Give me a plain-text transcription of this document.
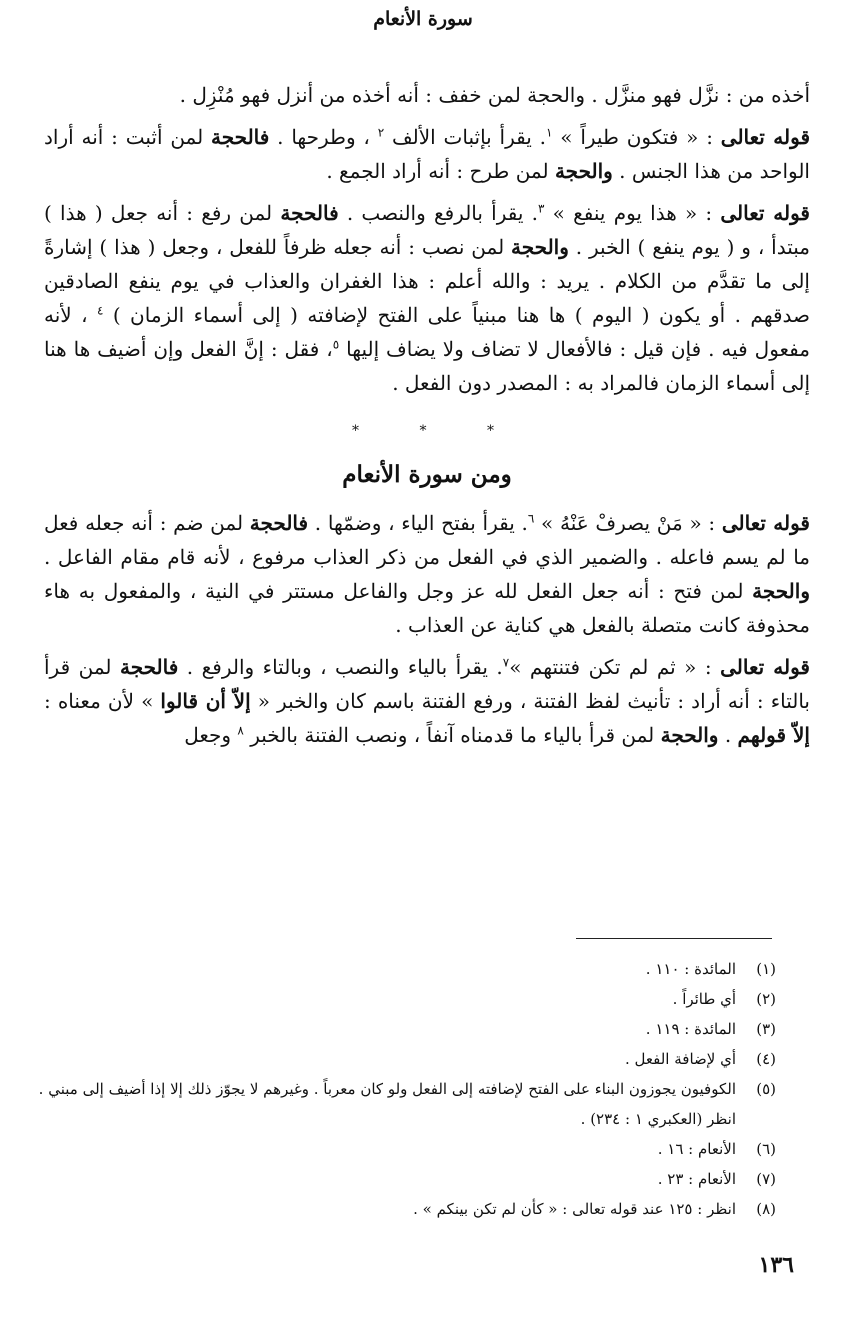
سورة الأنعام

أخذه من : نزَّل فهو منزَّل . والحجة لمن خفف : أنه أخذه من أنزل فهو مُنْزِل .

قوله تعالى : « فتكون طيراً » $^١$. يقرأ بإثبات الألف $^٢$ ، وطرحها . فالحجة لمن أثبت : أنه أراد الواحد من هذا الجنس . والحجة لمن طرح : أنه أراد الجمع .

قوله تعالى : « هذا يوم ينفع » $^٣$. يقرأ بالرفع والنصب . فالحجة لمن رفع : أنه جعل ( هذا ) مبتدأ ، و ( يوم ينفع ) الخبر . والحجة لمن نصب : أنه جعله ظرفاً للفعل ، وجعل ( هذا ) إشارةً إلى ما تقدَّم من الكلام . يريد : والله أعلم : هذا الغفران والعذاب في يوم ينفع الصادقين صدقهم . أو يكون ( اليوم ) ها هنا مبنياً على الفتح لإضافته ( إلى أسماء الزمان ) $^٤$ ، لأنه مفعول فيه . فإن قيل : فالأفعال لا تضاف ولا يضاف إليها $^٥$، فقل : إنَّ الفعل وإن أضيف ها هنا إلى أسماء الزمان فالمراد به : المصدر دون الفعل .

* * *
ومن سورة الأنعام

قوله تعالى : « مَنْ يصرفْ عَنْهُ » $^٦$. يقرأ بفتح الياء ، وضمّها . فالحجة لمن ضم : أنه جعله فعل ما لم يسم فاعله . والضمير الذي في الفعل من ذكر العذاب مرفوع ، لأنه قام مقام الفاعل . والحجة لمن فتح : أنه جعل الفعل لله عز وجل والفاعل مستتر في النية ، والمفعول به هاء محذوفة كانت متصلة بالفعل هي كناية عن العذاب .

قوله تعالى : « ثم لم تكن فتنتهم »$^٧$. يقرأ بالياء والنصب ، وبالتاء والرفع . فالحجة لمن قرأ بالتاء : أنه أراد : تأنيث لفظ الفتنة ، ورفع الفتنة باسم كان والخبر « إلاّ أن قالوا » لأن معناه : إلاّ قولهم . والحجة لمن قرأ بالياء ما قدمناه آنفاً ، ونصب الفتنة بالخبر $^٨$ وجعل

(١)
المائدة : ١١٠ .
(٢)
أي طائراً .
(٣)
المائدة : ١١٩ .
(٤)
أي لإضافة الفعل .
(٥)
الكوفيون يجوزون البناء على الفتح لإضافته إلى الفعل ولو كان معرباً . وغيرهم لا يجوّز ذلك إلا إذا أضيف إلى مبني .
انظر (العكبري ١ : ٢٣٤) .
(٦)
الأنعام : ١٦ .
(٧)
الأنعام : ٢٣ .
(٨)
انظر : ١٢٥ عند قوله تعالى : « كأن لم تكن بينكم » .
١٣٦
